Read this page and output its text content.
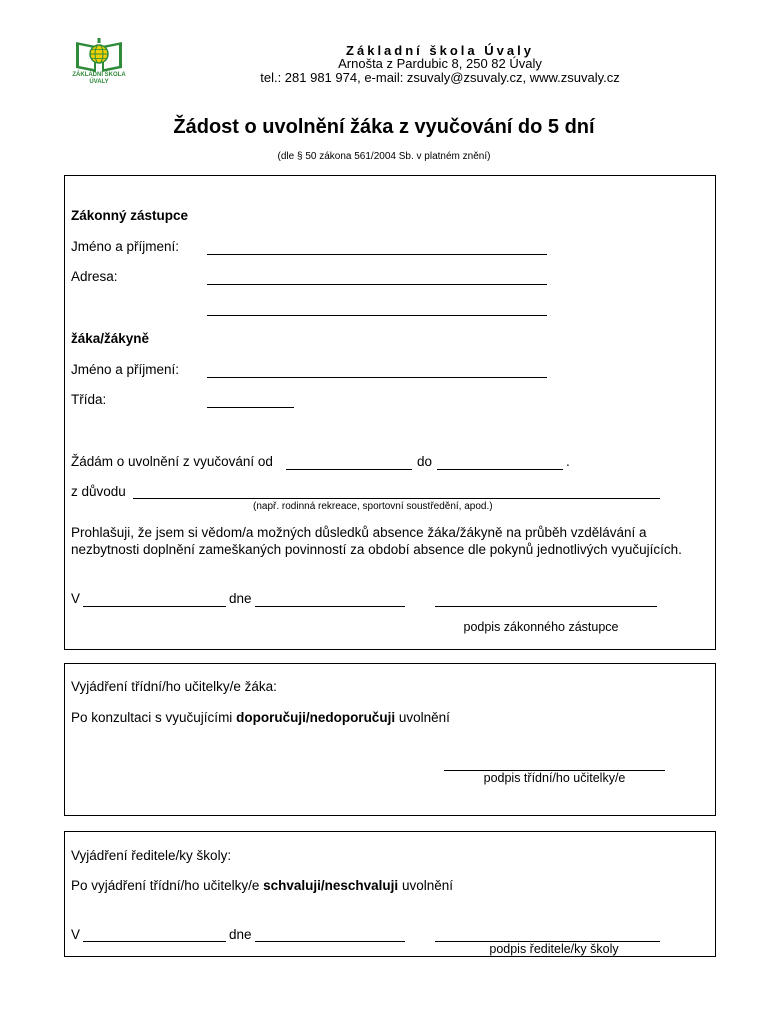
ZÁKLADNÍ ŠKOLA
ÚVALY
Základní škola Úvaly
Arnošta z Pardubic 8, 250 82 Úvaly
tel.: 281 981 974, e-mail: zsuvaly@zsuvaly.cz, www.zsuvaly.cz
Žádost o uvolnění žáka z vyučování do 5 dní
(dle § 50 zákona 561/2004 Sb. v platném znění)
Zákonný zástupce
Jméno a příjmení:
Adresa:
žáka/žákyně
Jméno a příjmení:
Třída:
Žádám o uvolnění z vyučování od	do	.
z důvodu
(např. rodinná rekreace, sportovní soustředění, apod.)
Prohlašuji, že jsem si vědom/a možných důsledků absence žáka/žákyně na průběh vzdělávání a nezbytnosti doplnění zameškaných povinností za období absence dle pokynů jednotlivých vyučujících.
V	dne
podpis zákonného zástupce
Vyjádření třídní/ho učitelky/e žáka:
Po konzultaci s vyučujícími doporučuji/nedoporučuji uvolnění
podpis třídní/ho učitelky/e
Vyjádření ředitele/ky školy:
Po vyjádření třídní/ho učitelky/e schvaluji/neschvaluji uvolnění
V	dne
podpis ředitele/ky školy
